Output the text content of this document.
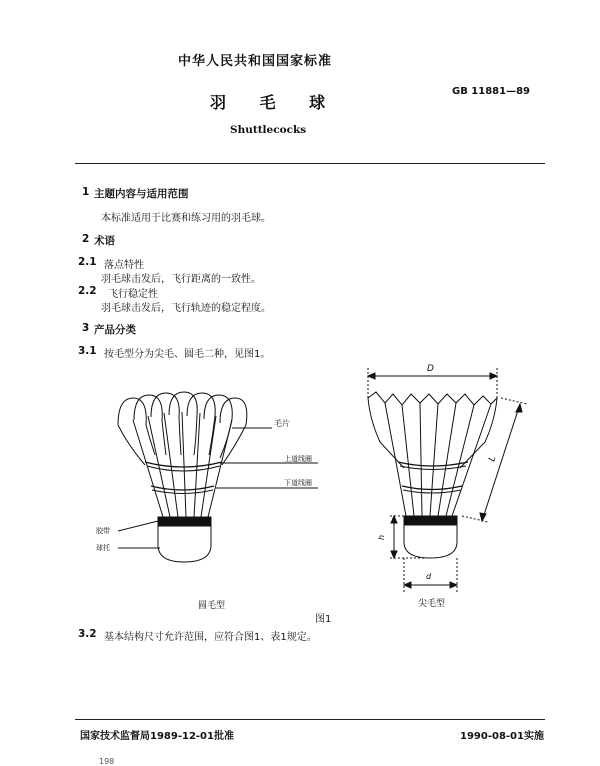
中华人民共和国国家标准
羽 毛 球
GB 11881—89
Shuttlecocks
1 主题内容与适用范围
本标准适用于比赛和练习用的羽毛球。
2 术语
2.1 落点特性
羽毛球击发后，飞行距离的一致性。
2.2 飞行稳定性
羽毛球击发后，飞行轨迹的稳定程度。
3 产品分类
3.1 按毛型分为尖毛、圆毛二种，见图1。
毛片
上道线圈
下道线圈
胶带
球托
D
L
h
d
圆毛型	尖毛型
图1
3.2 基本结构尺寸允许范围，应符合图1、表1规定。
国家技术监督局1989-12-01批准	1990-08-01实施
198
